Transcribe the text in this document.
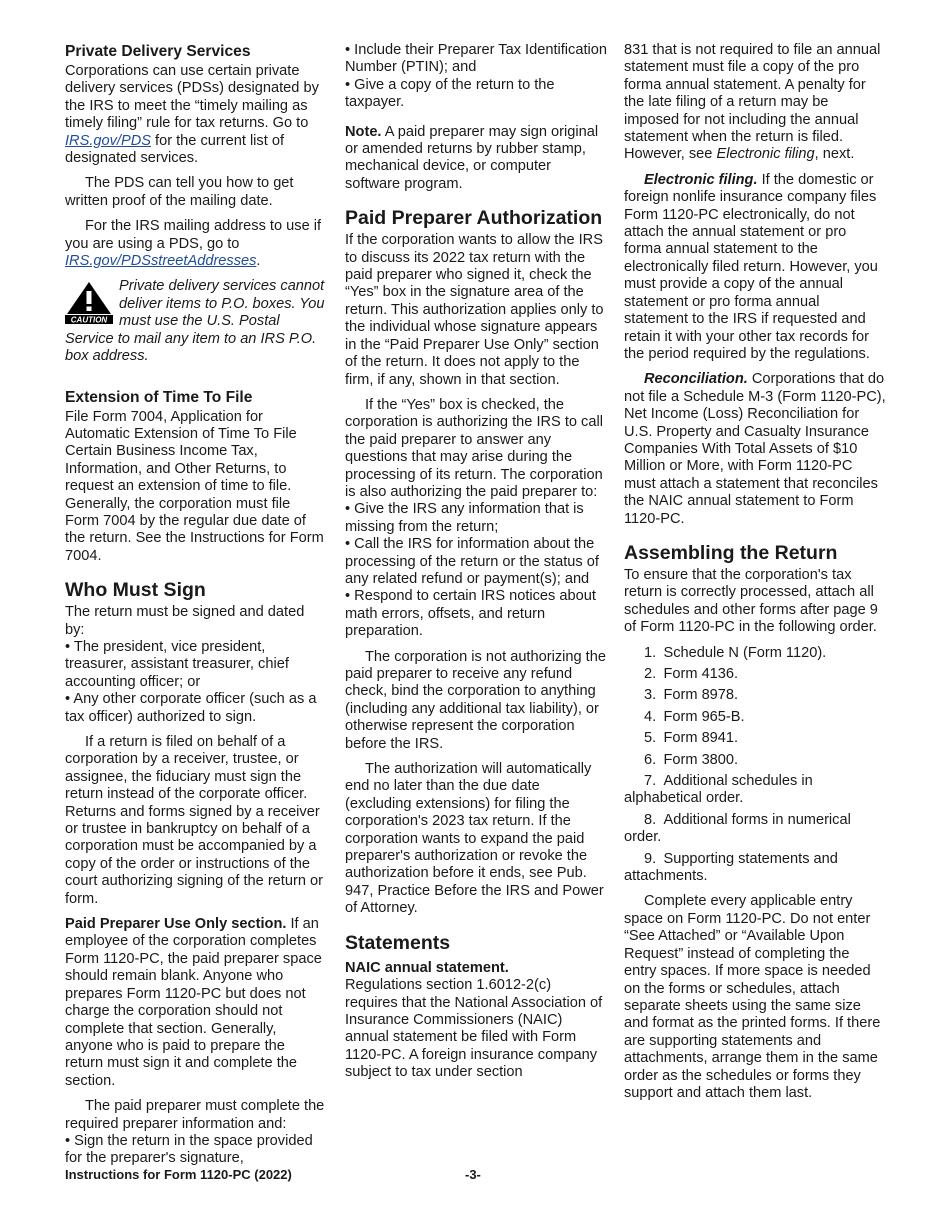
Private Delivery Services

Corporations can use certain private delivery services (PDSs) designated by the IRS to meet the “timely mailing as timely filing” rule for tax returns. Go to IRS.gov/PDS for the current list of designated services.

The PDS can tell you how to get written proof of the mailing date.

For the IRS mailing address to use if you are using a PDS, go to IRS.gov/PDSstreetAddresses.

CAUTION
Private delivery services cannot deliver items to P.O. boxes. You must use the U.S. Postal Service to mail any item to an IRS P.O. box address.
Extension of Time To File

File Form 7004, Application for Automatic Extension of Time To File Certain Business Income Tax, Information, and Other Returns, to request an extension of time to file. Generally, the corporation must file Form 7004 by the regular due date of the return. See the Instructions for Form 7004.

Who Must Sign
The return must be signed and dated by:
• The president, vice president, treasurer, assistant treasurer, chief accounting officer; or
• Any other corporate officer (such as a tax officer) authorized to sign.

If a return is filed on behalf of a corporation by a receiver, trustee, or assignee, the fiduciary must sign the return instead of the corporate officer. Returns and forms signed by a receiver or trustee in bankruptcy on behalf of a corporation must be accompanied by a copy of the order or instructions of the court authorizing signing of the return or form.

Paid Preparer Use Only section. If an employee of the corporation completes Form 1120-PC, the paid preparer space should remain blank. Anyone who prepares Form 1120-PC but does not charge the corporation should not complete that section. Generally, anyone who is paid to prepare the return must sign it and complete the section.

The paid preparer must complete the required preparer information and:
• Sign the return in the space provided for the preparer's signature,
• Include their Preparer Tax Identification Number (PTIN); and
• Give a copy of the return to the taxpayer.

Note. A paid preparer may sign original or amended returns by rubber stamp, mechanical device, or computer software program.

Paid Preparer Authorization

If the corporation wants to allow the IRS to discuss its 2022 tax return with the paid preparer who signed it, check the “Yes” box in the signature area of the return. This authorization applies only to the individual whose signature appears in the “Paid Preparer Use Only” section of the return. It does not apply to the firm, if any, shown in that section.

If the “Yes” box is checked, the corporation is authorizing the IRS to call the paid preparer to answer any questions that may arise during the processing of its return. The corporation is also authorizing the paid preparer to:
• Give the IRS any information that is missing from the return;
• Call the IRS for information about the processing of the return or the status of any related refund or payment(s); and
• Respond to certain IRS notices about math errors, offsets, and return preparation.

The corporation is not authorizing the paid preparer to receive any refund check, bind the corporation to anything (including any additional tax liability), or otherwise represent the corporation before the IRS.

The authorization will automatically end no later than the due date (excluding extensions) for filing the corporation's 2023 tax return. If the corporation wants to expand the paid preparer's authorization or revoke the authorization before it ends, see Pub. 947, Practice Before the IRS and Power of Attorney.

Statements
NAIC annual statement.
Regulations section 1.6012-2(c) requires that the National Association of Insurance Commissioners (NAIC) annual statement be filed with Form 1120-PC. A foreign insurance company subject to tax under section

831 that is not required to file an annual statement must file a copy of the pro forma annual statement. A penalty for the late filing of a return may be imposed for not including the annual statement when the return is filed. However, see Electronic filing, next.

Electronic filing. If the domestic or foreign nonlife insurance company files Form 1120-PC electronically, do not attach the annual statement or pro forma annual statement to the electronically filed return. However, you must provide a copy of the annual statement or pro forma annual statement to the IRS if requested and retain it with your other tax records for the period required by the regulations.

Reconciliation. Corporations that do not file a Schedule M-3 (Form 1120-PC), Net Income (Loss) Reconciliation for U.S. Property and Casualty Insurance Companies With Total Assets of $10 Million or More, with Form 1120-PC must attach a statement that reconciles the NAIC annual statement to Form 1120-PC.

Assembling the Return

To ensure that the corporation's tax return is correctly processed, attach all schedules and other forms after page 9 of Form 1120-PC in the following order.

1. Schedule N (Form 1120).
2. Form 4136.
3. Form 8978.
4. Form 965-B.
5. Form 8941.
6. Form 3800.
7. Additional schedules in alphabetical order.
8. Additional forms in numerical order.
9. Supporting statements and attachments.

Complete every applicable entry space on Form 1120-PC. Do not enter “See Attached” or “Available Upon Request” instead of completing the entry spaces. If more space is needed on the forms or schedules, attach separate sheets using the same size and format as the printed forms. If there are supporting statements and attachments, arrange them in the same order as the schedules or forms they support and attach them last.

Instructions for Form 1120-PC (2022)	-3-
